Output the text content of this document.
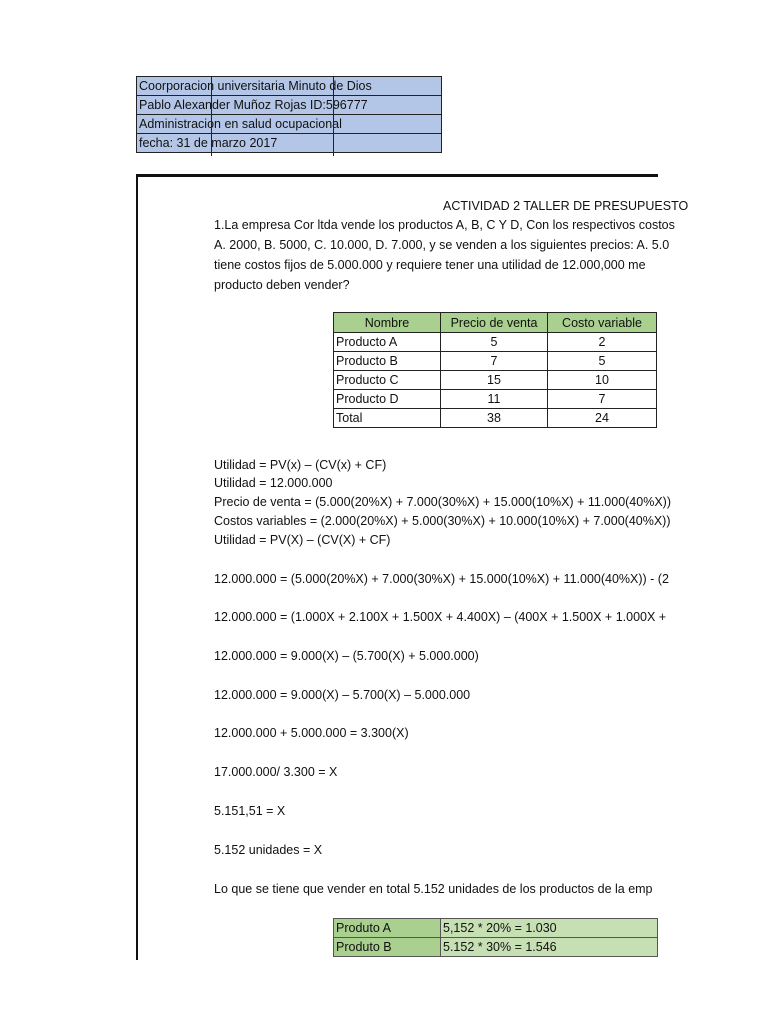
Coorporacion universitaria Minuto de Dios
Pablo Alexander Muñoz Rojas ID:596777
Administracion en salud ocupacional
fecha: 31 de marzo 2017
ACTIVIDAD 2 TALLER DE PRESUPUESTO
1.La empresa Cor ltda vende los productos A, B, C Y D, Con los respectivos costos
A. 2000, B. 5000, C. 10.000, D. 7.000, y se venden a los siguientes precios: A. 5.0
tiene costos fijos de 5.000.000 y requiere tener una utilidad de 12.000,000 me
producto deben vender?
Nombre	Precio de venta	Costo variable
Producto A	5	2
Producto B	7	5
Producto C	15	10
Producto D	11	7
Total	38	24
Utilidad = PV(x) – (CV(x) + CF)
Utilidad = 12.000.000
Precio de venta = (5.000(20%X) + 7.000(30%X) + 15.000(10%X) + 11.000(40%X))
Costos variables = (2.000(20%X) + 5.000(30%X) + 10.000(10%X) + 7.000(40%X))
Utilidad = PV(X) – (CV(X) + CF)
12.000.000 = (5.000(20%X) + 7.000(30%X) + 15.000(10%X) + 11.000(40%X)) - (2
12.000.000 = (1.000X + 2.100X + 1.500X + 4.400X) – (400X + 1.500X + 1.000X +
12.000.000 = 9.000(X) – (5.700(X) + 5.000.000)
12.000.000 = 9.000(X) – 5.700(X) – 5.000.000
12.000.000 + 5.000.000 = 3.300(X)
17.000.000/ 3.300 = X
5.151,51 = X
5.152 unidades = X
Lo que se tiene que vender en total 5.152 unidades de los productos de la emp
Produto A	5,152 * 20% = 1.030
Produto B	5.152 * 30% = 1.546
